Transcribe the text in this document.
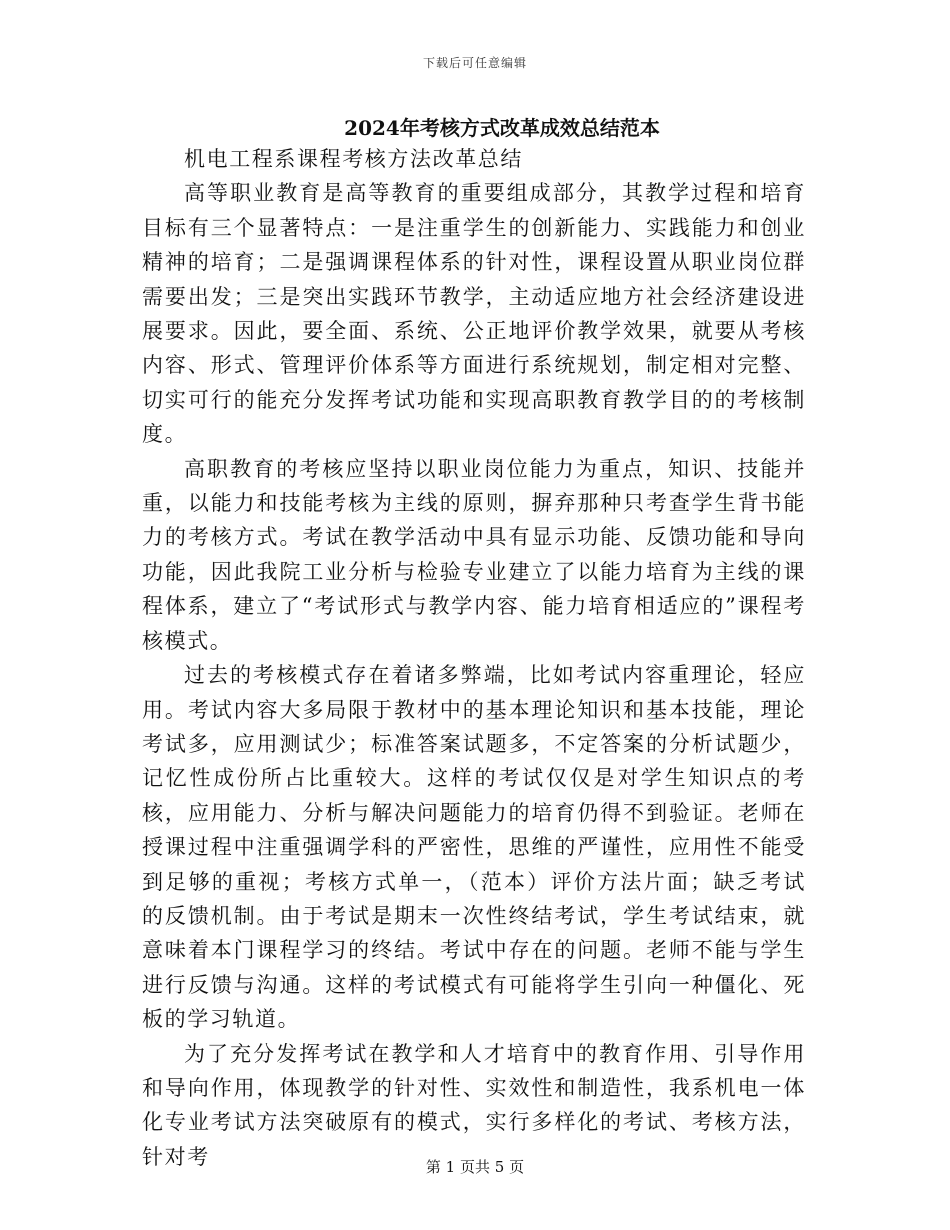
下载后可任意编辑
2024年考核方式改革成效总结范本

机电工程系课程考核方法改革总结

高等职业教育是高等教育的重要组成部分，其教学过程和培育目标有三个显著特点：一是注重学生的创新能力、实践能力和创业精神的培育；二是强调课程体系的针对性，课程设置从职业岗位群需要出发；三是突出实践环节教学，主动适应地方社会经济建设进展要求。因此，要全面、系统、公正地评价教学效果，就要从考核内容、形式、管理评价体系等方面进行系统规划，制定相对完整、切实可行的能充分发挥考试功能和实现高职教育教学目的的考核制度。

高职教育的考核应坚持以职业岗位能力为重点，知识、技能并重，以能力和技能考核为主线的原则，摒弃那种只考查学生背书能力的考核方式。考试在教学活动中具有显示功能、反馈功能和导向功能，因此我院工业分析与检验专业建立了以能力培育为主线的课程体系，建立了“考试形式与教学内容、能力培育相适应的”课程考核模式。

过去的考核模式存在着诸多弊端，比如考试内容重理论，轻应用。考试内容大多局限于教材中的基本理论知识和基本技能，理论考试多，应用测试少；标准答案试题多，不定答案的分析试题少，记忆性成份所占比重较大。这样的考试仅仅是对学生知识点的考核，应用能力、分析与解决问题能力的培育仍得不到验证。老师在授课过程中注重强调学科的严密性，思维的严谨性，应用性不能受到足够的重视；考核方式单一，（范本）评价方法片面；缺乏考试的反馈机制。由于考试是期末一次性终结考试，学生考试结束，就意味着本门课程学习的终结。考试中存在的问题。老师不能与学生进行反馈与沟通。这样的考试模式有可能将学生引向一种僵化、死板的学习轨道。

为了充分发挥考试在教学和人才培育中的教育作用、引导作用和导向作用，体现教学的针对性、实效性和制造性，我系机电一体化专业考试方法突破原有的模式，实行多样化的考试、考核方法，针对考	第 1 页共 5 页
